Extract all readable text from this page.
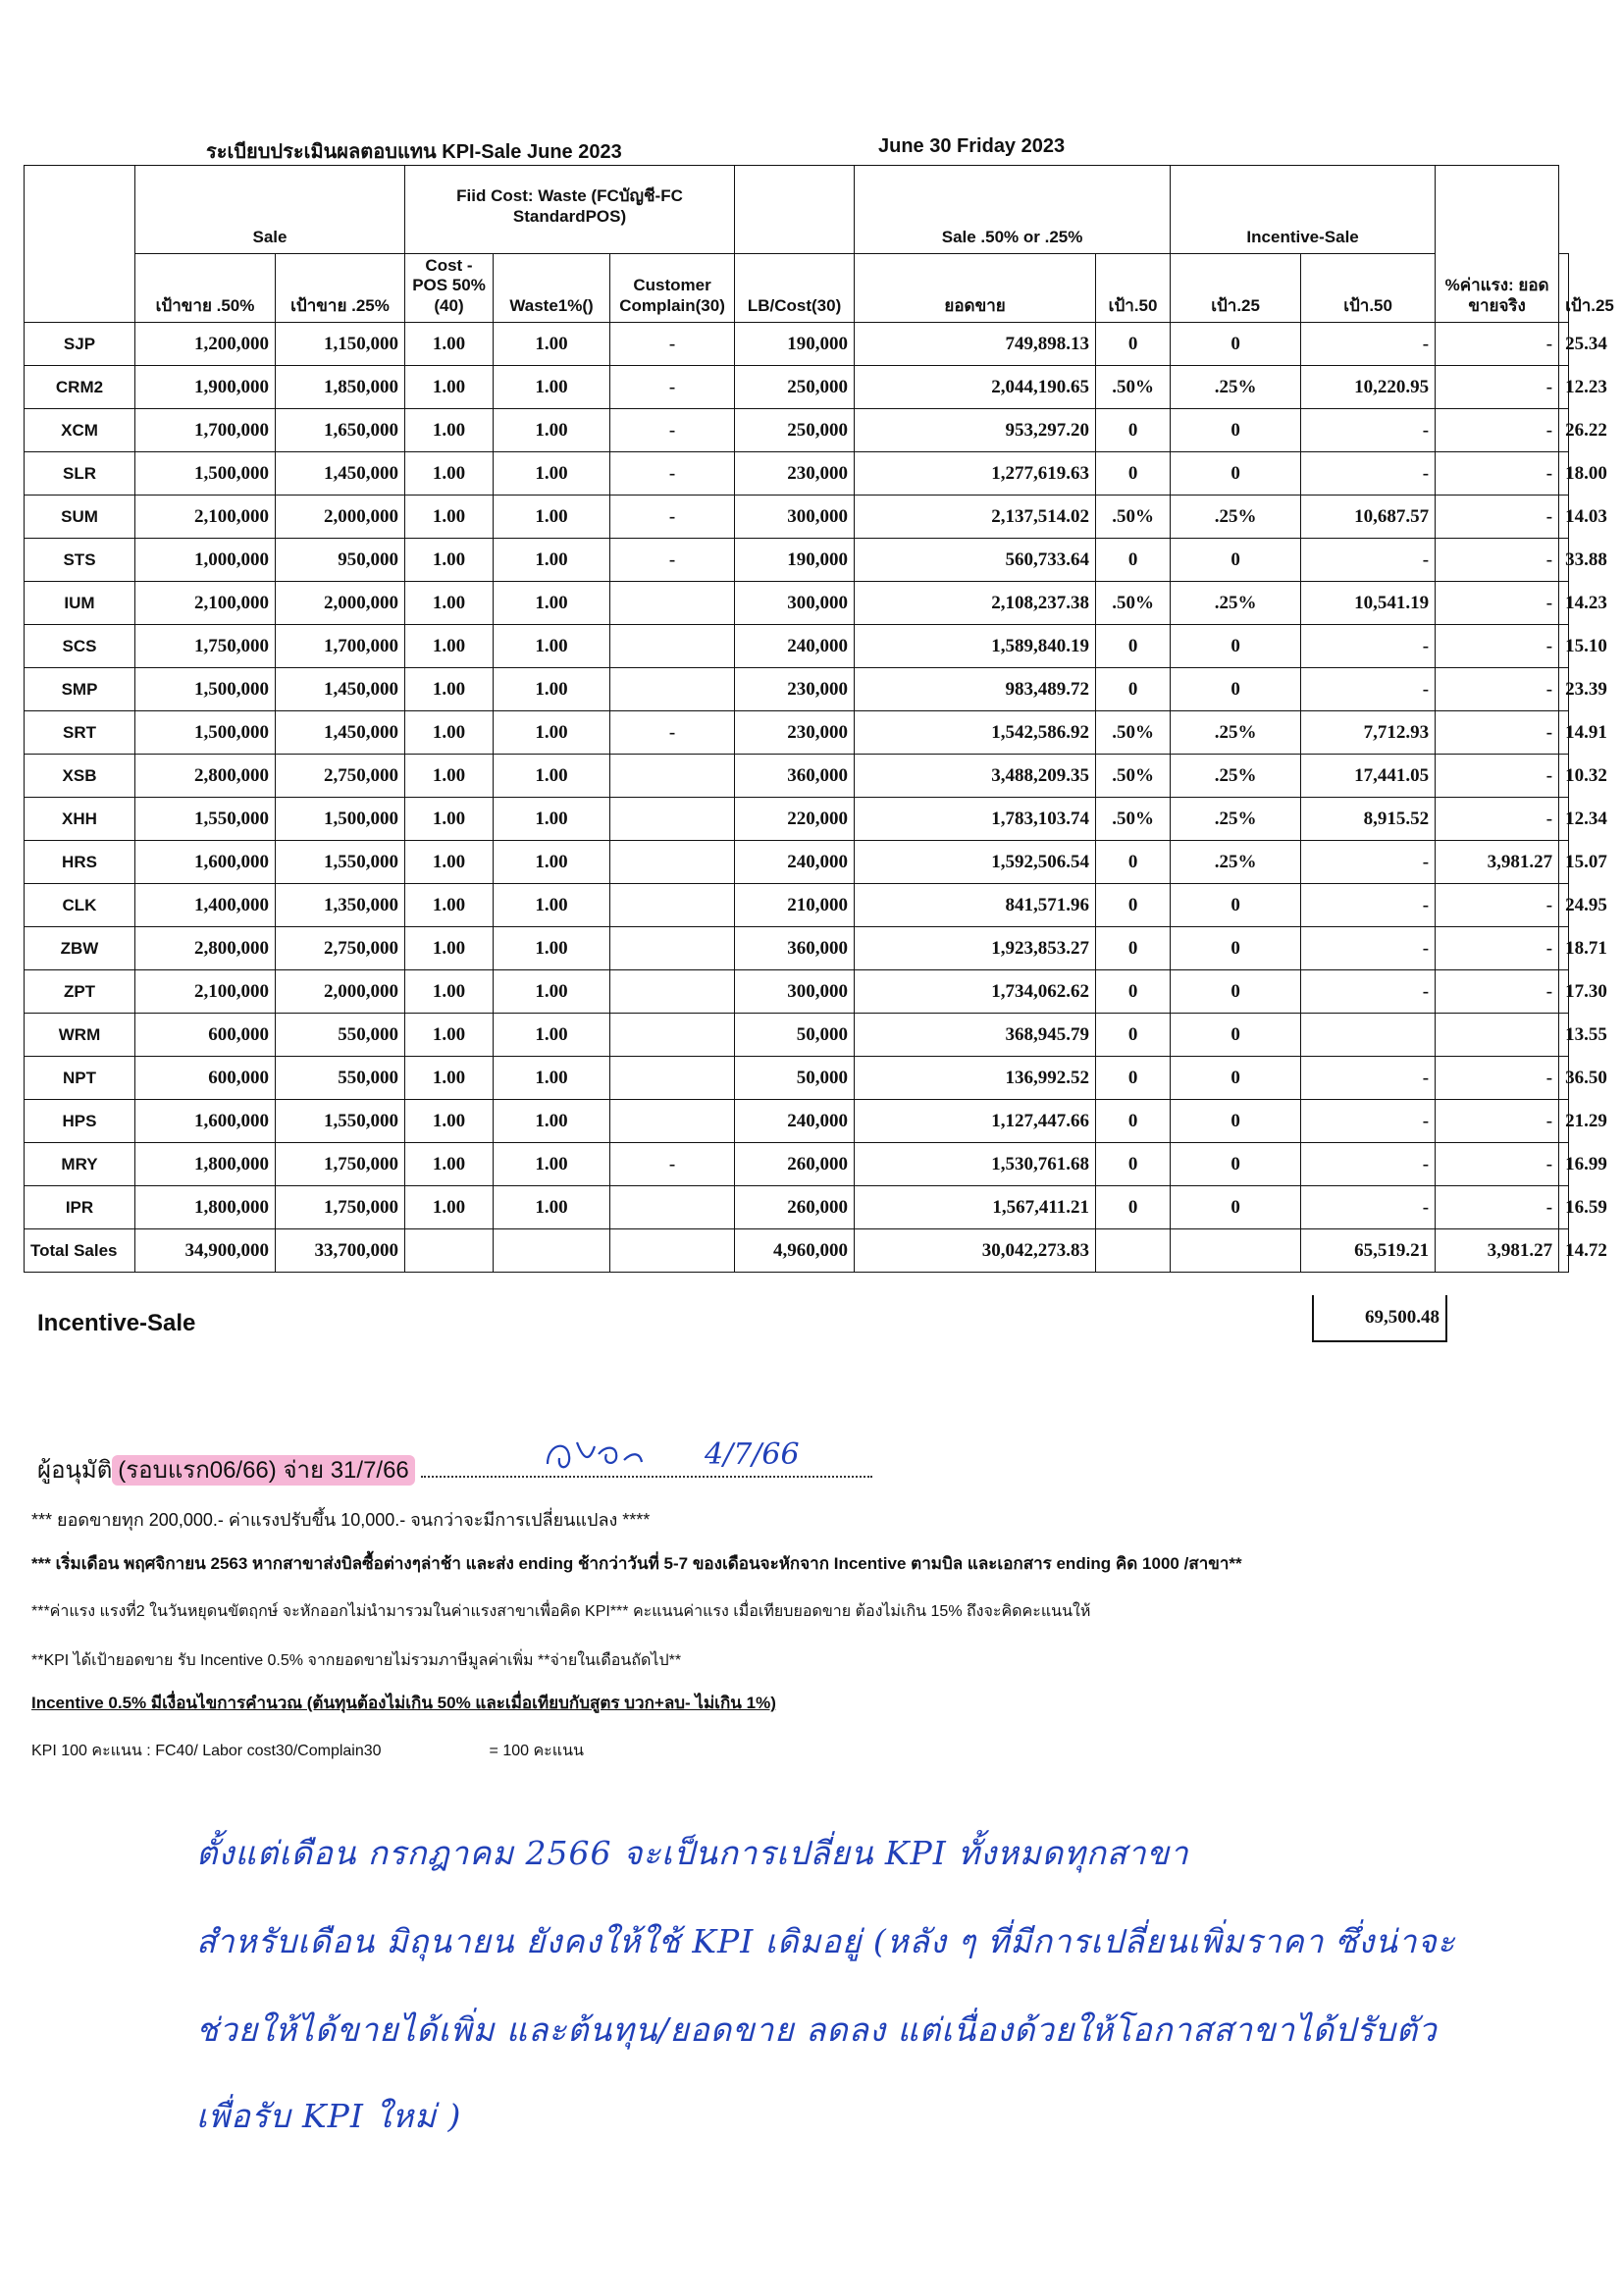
ระเบียบประเมินผลตอบแทน KPI-Sale June 2023	June 30 Friday 2023
	Sale		Fiid Cost: Waste (FCบัญชี-FC StandardPOS)				Sale .50% or .25%		Incentive-Sale		%ค่าแรง: ยอดขายจริง	
	เป้าขาย .50%	เป้าขาย .25%	Cost - POS 50%(40)	Waste1%()	Customer Complain(30)	LB/Cost(30)	ยอดขาย	เป้า.50	เป้า.25	เป้า.50		เป้า.25
SJP	1,200,000	1,150,000	1.00	1.00	-	190,000	749,898.13	0	0	-	-	25.34
CRM2	1,900,000	1,850,000	1.00	1.00	-	250,000	2,044,190.65	.50%	.25%	10,220.95	-	12.23
XCM	1,700,000	1,650,000	1.00	1.00	-	250,000	953,297.20	0	0	-	-	26.22
SLR	1,500,000	1,450,000	1.00	1.00	-	230,000	1,277,619.63	0	0	-	-	18.00
SUM	2,100,000	2,000,000	1.00	1.00	-	300,000	2,137,514.02	.50%	.25%	10,687.57	-	14.03
STS	1,000,000	950,000	1.00	1.00	-	190,000	560,733.64	0	0	-	-	33.88
IUM	2,100,000	2,000,000	1.00	1.00		300,000	2,108,237.38	.50%	.25%	10,541.19	-	14.23
SCS	1,750,000	1,700,000	1.00	1.00		240,000	1,589,840.19	0	0	-	-	15.10
SMP	1,500,000	1,450,000	1.00	1.00		230,000	983,489.72	0	0	-	-	23.39
SRT	1,500,000	1,450,000	1.00	1.00	-	230,000	1,542,586.92	.50%	.25%	7,712.93	-	14.91
XSB	2,800,000	2,750,000	1.00	1.00		360,000	3,488,209.35	.50%	.25%	17,441.05	-	10.32
XHH	1,550,000	1,500,000	1.00	1.00		220,000	1,783,103.74	.50%	.25%	8,915.52	-	12.34
HRS	1,600,000	1,550,000	1.00	1.00		240,000	1,592,506.54	0	.25%	-	3,981.27	15.07
CLK	1,400,000	1,350,000	1.00	1.00		210,000	841,571.96	0	0	-	-	24.95
ZBW	2,800,000	2,750,000	1.00	1.00		360,000	1,923,853.27	0	0	-	-	18.71
ZPT	2,100,000	2,000,000	1.00	1.00		300,000	1,734,062.62	0	0	-	-	17.30
WRM	600,000	550,000	1.00	1.00		50,000	368,945.79	0	0			13.55
NPT	600,000	550,000	1.00	1.00		50,000	136,992.52	0	0	-	-	36.50
HPS	1,600,000	1,550,000	1.00	1.00		240,000	1,127,447.66	0	0	-	-	21.29
MRY	1,800,000	1,750,000	1.00	1.00	-	260,000	1,530,761.68	0	0	-	-	16.99
IPR	1,800,000	1,750,000	1.00	1.00		260,000	1,567,411.21	0	0	-	-	16.59
Total Sales	34,900,000	33,700,000				4,960,000	30,042,273.83			65,519.21	3,981.27	14.72
Incentive-Sale	69,500.48
ผู้อนุมัติ (รอบแรก06/66) จ่าย 31/7/66	4/7/66
*** ยอดขายทุก 200,000.- ค่าแรงปรับขึ้น 10,000.- จนกว่าจะมีการเปลี่ยนแปลง ****
*** เริ่มเดือน พฤศจิกายน 2563 หากสาขาส่งบิลซื้อต่างๆล่าช้า และส่ง ending ช้ากว่าวันที่ 5-7 ของเดือนจะหักจาก Incentive ตามบิล และเอกสาร ending คิด 1000 /สาขา**
***ค่าแรง แรงที่2 ในวันหยุดนขัตฤกษ์ จะหักออกไม่นำมารวมในค่าแรงสาขาเพื่อคิด KPI*** คะแนนค่าแรง เมื่อเทียบยอดขาย ต้องไม่เกิน 15% ถึงจะคิดคะแนนให้
**KPI ได้เป้ายอดขาย รับ Incentive 0.5% จากยอดขายไม่รวมภาษีมูลค่าเพิ่ม **จ่ายในเดือนถัดไป**
Incentive 0.5% มีเงื่อนไขการคำนวณ (ต้นทุนต้องไม่เกิน 50% และเมื่อเทียบกับสูตร บวก+ลบ- ไม่เกิน 1%)
KPI 100 คะแนน : FC40/ Labor cost30/Complain30	= 100 คะแนน
ตั้งแต่เดือน กรกฎาคม 2566 จะเป็นการเปลี่ยน KPI ทั้งหมดทุกสาขา
สำหรับเดือน มิถุนายน ยังคงให้ใช้ KPI เดิมอยู่ (หลัง ๆ ที่มีการเปลี่ยนเพิ่มราคา ซึ่งน่าจะ
ช่วยให้ได้ขายได้เพิ่ม และต้นทุน/ยอดขาย ลดลง แต่เนื่องด้วยให้โอกาสสาขาได้ปรับตัว
เพื่อรับ KPI ใหม่ )
